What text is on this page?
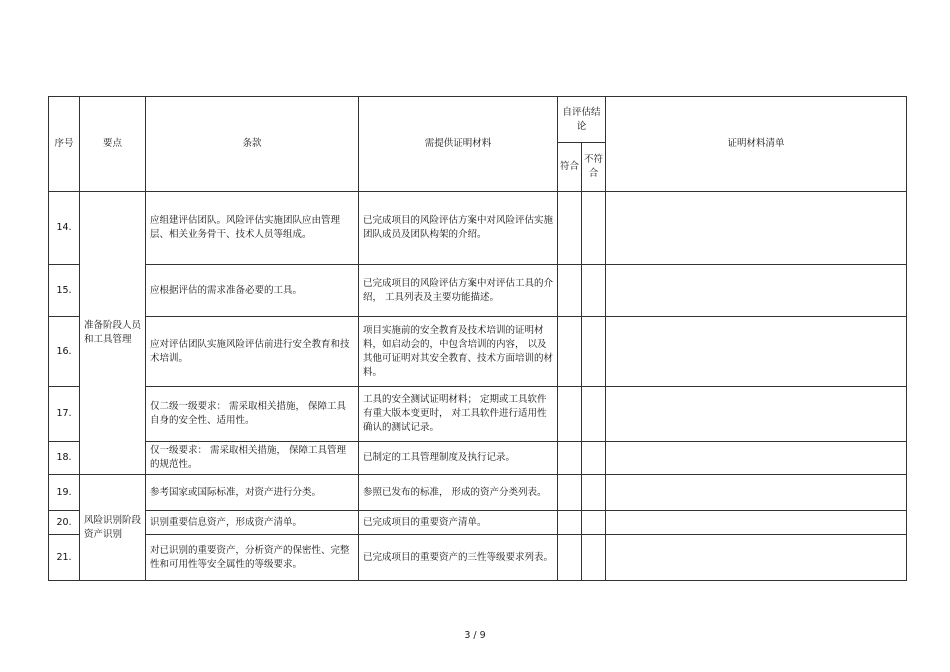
序号	要点	条款	需提供证明材料	自评估结论		证明材料清单
				符合	不符合	
14.	准备阶段人员和工具管理	应组建评估团队。风险评估实施团队应由管理层、相关业务骨干、技术人员等组成。	已完成项目的风险评估方案中对风险评估实施团队成员及团队构架的介绍。			
15.		应根据评估的需求准备必要的工具。	已完成项目的风险评估方案中对评估工具的介绍， 工具列表及主要功能描述。			
16.		应对评估团队实施风险评估前进行安全教育和技术培训。	项目实施前的安全教育及技术培训的证明材料，如启动会的，中包含培训的内容， 以及其他可证明对其安全教育、技术方面培训的材料。			
17.		仅二级一级要求： 需采取相关措施， 保障工具自身的安全性、适用性。	工具的安全测试证明材料； 定期或工具软件有重大版本变更时， 对工具软件进行适用性确认的测试记录。			
18.		仅一级要求： 需采取相关措施， 保障工具管理的规范性。	已制定的工具管理制度及执行记录。			
19.	风险识别阶段资产识别	参考国家或国际标准，对资产进行分类。	参照已发布的标准， 形成的资产分类列表。			
20.		识别重要信息资产，形成资产清单。	已完成项目的重要资产清单。			
21.		对已识别的重要资产，分析资产的保密性、完整性和可用性等安全属性的等级要求。	已完成项目的重要资产的三性等级要求列表。			
3 / 9
